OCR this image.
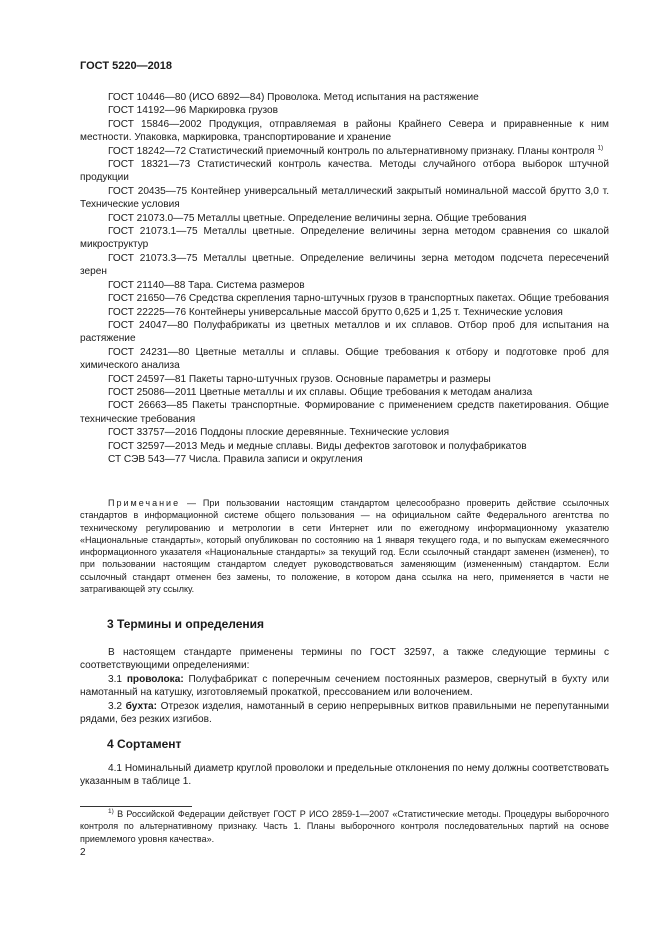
ГОСТ 5220—2018

ГОСТ 10446—80 (ИСО 6892—84) Проволока. Метод испытания на растяжение

ГОСТ 14192—96 Маркировка грузов

ГОСТ 15846—2002 Продукция, отправляемая в районы Крайнего Севера и приравненные к ним местности. Упаковка, маркировка, транспортирование и хранение

ГОСТ 18242—72 Статистический приемочный контроль по альтернативному признаку. Планы контроля $^{1)}$

ГОСТ 18321—73 Статистический контроль качества. Методы случайного отбора выборок штучной продукции

ГОСТ 20435—75 Контейнер универсальный металлический закрытый номинальной массой брутто 3,0 т. Технические условия

ГОСТ 21073.0—75 Металлы цветные. Определение величины зерна. Общие требования

ГОСТ 21073.1—75 Металлы цветные. Определение величины зерна методом сравнения со шкалой микроструктур

ГОСТ 21073.3—75 Металлы цветные. Определение величины зерна методом подсчета пересечений зерен

ГОСТ 21140—88 Тара. Система размеров

ГОСТ 21650—76 Средства скрепления тарно-штучных грузов в транспортных пакетах. Общие требования

ГОСТ 22225—76 Контейнеры универсальные массой брутто 0,625 и 1,25 т. Технические условия

ГОСТ 24047—80 Полуфабрикаты из цветных металлов и их сплавов. Отбор проб для испытания на растяжение

ГОСТ 24231—80 Цветные металлы и сплавы. Общие требования к отбору и подготовке проб для химического анализа

ГОСТ 24597—81 Пакеты тарно-штучных грузов. Основные параметры и размеры

ГОСТ 25086—2011 Цветные металлы и их сплавы. Общие требования к методам анализа

ГОСТ 26663—85 Пакеты транспортные. Формирование с применением средств пакетирования. Общие технические требования

ГОСТ 33757—2016 Поддоны плоские деревянные. Технические условия

ГОСТ 32597—2013 Медь и медные сплавы. Виды дефектов заготовок и полуфабрикатов

СТ СЭВ 543—77 Числа. Правила записи и округления

Примечание — При пользовании настоящим стандартом целесообразно проверить действие ссылочных стандартов в информационной системе общего пользования — на официальном сайте Федерального агентства по техническому регулированию и метрологии в сети Интернет или по ежегодному информационному указателю «Национальные стандарты», который опубликован по состоянию на 1 января текущего года, и по выпускам ежемесячного информационного указателя «Национальные стандарты» за текущий год. Если ссылочный стандарт заменен (изменен), то при пользовании настоящим стандартом следует руководствоваться заменяющим (измененным) стандартом. Если ссылочный стандарт отменен без замены, то положение, в котором дана ссылка на него, применяется в части не затрагивающей эту ссылку.

3 Термины и определения

В настоящем стандарте применены термины по ГОСТ 32597, а также следующие термины с соответствующими определениями:

3.1 проволока: Полуфабрикат с поперечным сечением постоянных размеров, свернутый в бухту или намотанный на катушку, изготовляемый прокаткой, прессованием или волочением.

3.2 бухта: Отрезок изделия, намотанный в серию непрерывных витков правильными не перепутанными рядами, без резких изгибов.

4 Сортамент

4.1 Номинальный диаметр круглой проволоки и предельные отклонения по нему должны соответствовать указанным в таблице 1.

$^{1)}$ В Российской Федерации действует ГОСТ Р ИСО 2859-1—2007 «Статистические методы. Процедуры выборочного контроля по альтернативному признаку. Часть 1. Планы выборочного контроля последовательных партий на основе приемлемого уровня качества».

2
